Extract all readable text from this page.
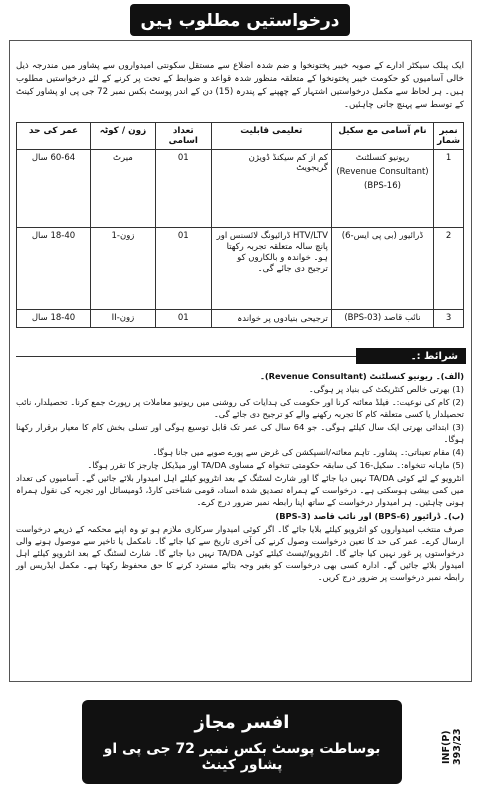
درخواستیں مطلوب ہیں
ایک پبلک سیکٹر ادارے کے صوبہ خیبر پختونخوا و ضم شدہ اضلاع سے مستقل سکونتی امیدواروں سے پشاور میں مندرجہ ذیل خالی آسامیوں کو حکومت خیبر پختونخوا کے متعلقہ منظور شدہ قواعد و ضوابط کے تحت پر کرنے کے لئے درخواستیں مطلوب ہیں۔ ہر لحاظ سے مکمل درخواستیں اشتہار کے چھپنے کے پندرہ (15) دن کے اندر پوسٹ بکس نمبر 72 جی پی او پشاور کینٹ کے توسط سے پہنچ جانی چاہئیں۔
نمبر شمار	نام آسامی مع سکیل	تعلیمی قابلیت	تعداد اسامی	زون / کوٹہ	عمر کی حد
1	ریونیو کنسلٹنٹ
(Revenue Consultant)
(BPS-16)	کم از کم سیکنڈ ڈویژن گریجویٹ	01	میرٹ	60-64 سال
2	ڈرائیور (بی پی ایس-6)	HTV/LTV ڈرائیونگ لائسنس اور پانچ سالہ متعلقہ تجربہ رکھتا ہو۔ خواندہ و بالکاروں کو ترجیح دی جائے گی۔	01	زون-1	18-40 سال
3	نائب قاصد (BPS-03)	ترجیحی بنیادوں پر خواندہ	01	زون-II	18-40 سال
شرائط :۔

(الف)۔ ریونیو کنسلٹنٹ (Revenue Consultant)۔

(1) بھرتی خالص کنٹریکٹ کی بنیاد پر ہوگی۔

(2) کام کی نوعیت:۔ فیلڈ معائنہ کرنا اور حکومت کی ہدایات کی روشنی میں ریونیو معاملات پر رپورٹ جمع کرنا۔ تحصیلدار، نائب تحصیلدار یا کسی متعلقہ کام کا تجربہ رکھنے والے کو ترجیح دی جائے گی۔

(3) ابتدائی بھرتی ایک سال کیلئے ہوگی۔ جو 64 سال کی عمر تک قابل توسیع ہوگی اور تسلی بخش کام کا معیار برقرار رکھنا ہوگا۔

(4) مقام تعیناتی:۔ پشاور۔ تاہم معائنہ/انسپکشن کی غرض سے پورے صوبے میں جانا ہوگا۔

(5) ماہانہ تنخواہ:۔ سکیل-16 کی سابقہ حکومتی تنخواہ کے مساوی TA/DA اور میڈیکل چارجز کا تقرر ہوگا۔

انٹرویو کے لئے کوئی TA/DA نہیں دیا جائے گا اور شارٹ لسٹنگ کے بعد انٹرویو کیلئے اہل امیدوار بلائے جائیں گے۔ آسامیوں کی تعداد میں کمی بیشی ہوسکتی ہے۔ درخواست کے ہمراہ تصدیق شدہ اسناد، قومی شناختی کارڈ، ڈومیسائل اور تجربہ کی نقول ہمراہ ہونی چاہئیں۔ ہر امیدوار درخواست کے ساتھ اپنا رابطہ نمبر ضرور درج کرے۔

(ب)۔ ڈرائیور (BPS-6) اور نائب قاصد (BPS-3)

صرف منتخب امیدواروں کو انٹرویو کیلئے بلایا جائے گا۔ اگر کوئی امیدوار سرکاری ملازم ہو تو وہ اپنے محکمہ کے ذریعے درخواست ارسال کرے۔ عمر کی حد کا تعین درخواست وصول کرنے کی آخری تاریخ سے کیا جائے گا۔ نامکمل یا تاخیر سے موصول ہونے والی درخواستوں پر غور نہیں کیا جائے گا۔ انٹرویو/ٹیسٹ کیلئے کوئی TA/DA نہیں دیا جائے گا۔ شارٹ لسٹنگ کے بعد انٹرویو کیلئے اہل امیدوار بلائے جائیں گے۔ ادارہ کسی بھی درخواست کو بغیر وجہ بتائے مسترد کرنے کا حق محفوظ رکھتا ہے۔ مکمل ایڈریس اور رابطہ نمبر درخواست پر ضرور درج کریں۔

افسر مجاز
بوساطت پوسٹ بکس نمبر 72 جی پی او پشاور کینٹ
INF(P) 393/23
